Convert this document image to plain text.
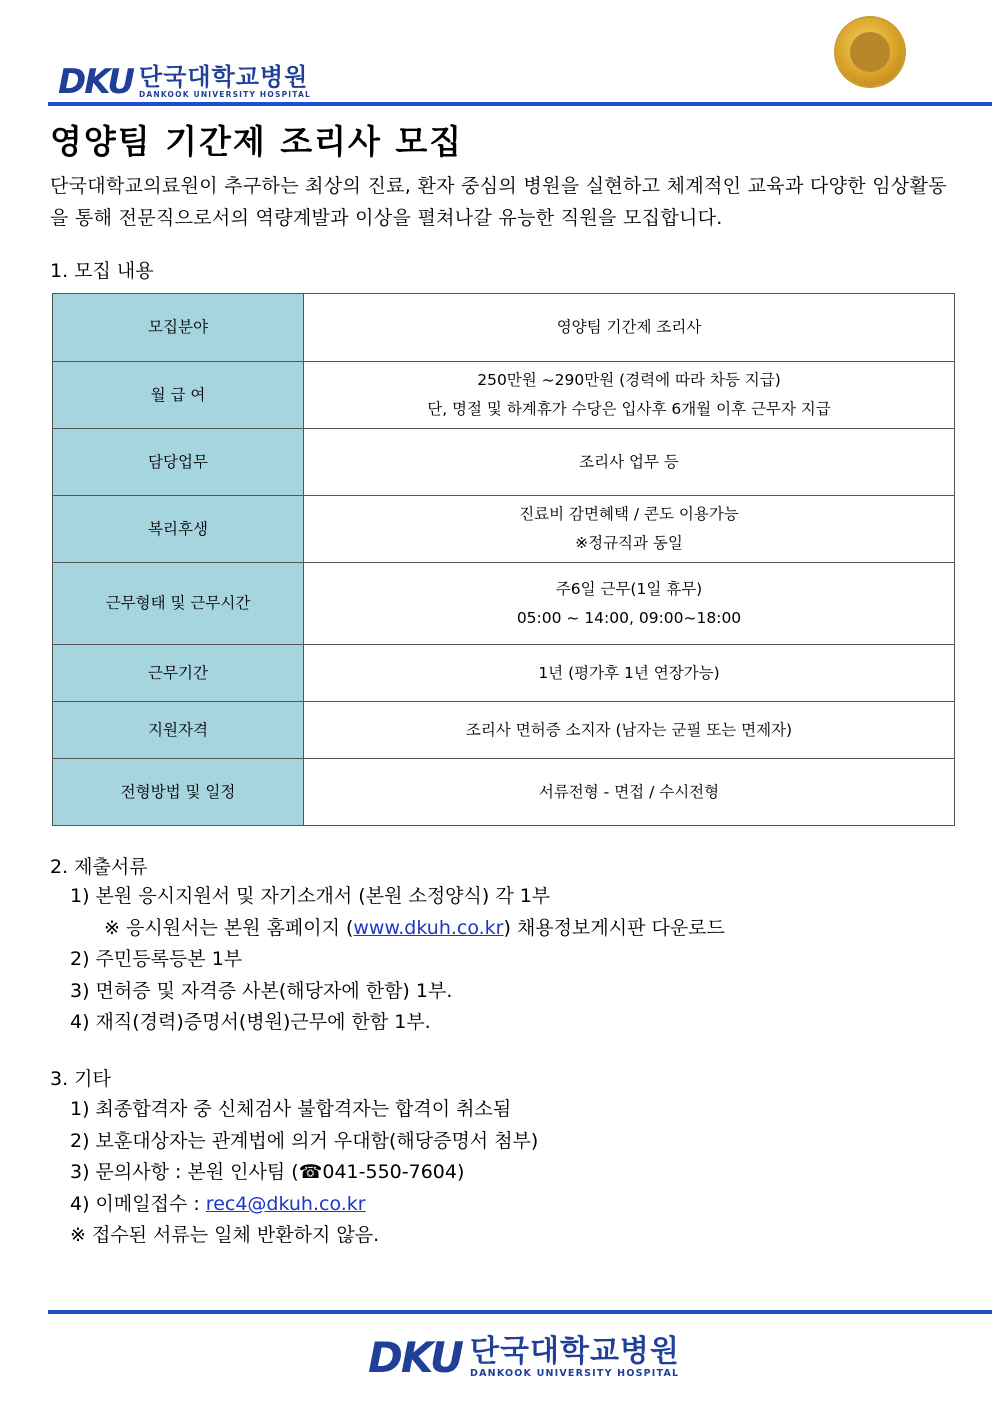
DKU 단국대학교병원
DANKOOK UNIVERSITY HOSPITAL
영양팀 기간제 조리사 모집

단국대학교의료원이 추구하는 최상의 진료, 환자 중심의 병원을 실현하고 체계적인 교육과 다양한 임상활동을 통해 전문직으로서의 역량계발과 이상을 펼쳐나갈 유능한 직원을 모집합니다.

1. 모집 내용

모집분야	영양팀 기간제 조리사

월 급 여	250만원 ~290만원 (경력에 따라 차등 지급)
단, 명절 및 하계휴가 수당은 입사후 6개월 이후 근무자 지급

담당업무	조리사 업무 등

복리후생	진료비 감면혜택 / 콘도 이용가능
※정규직과 동일

근무형태 및 근무시간	주6일 근무(1일 휴무)
05:00 ~ 14:00, 09:00~18:00

근무기간	1년 (평가후 1년 연장가능)

지원자격	조리사 면허증 소지자 (남자는 군필 또는 면제자)

전형방법 및 일정	서류전형 - 면접 / 수시전형

2. 제출서류

1) 본원 응시지원서 및 자기소개서 (본원 소정양식) 각 1부
※ 응시원서는 본원 홈페이지 (www.dkuh.co.kr) 채용정보게시판 다운로드
2) 주민등록등본 1부
3) 면허증 및 자격증 사본(해당자에 한함) 1부.
4) 재직(경력)증명서(병원)근무에 한함 1부.

3. 기타

1) 최종합격자 중 신체검사 불합격자는 합격이 취소됨
2) 보훈대상자는 관계법에 의거 우대함(해당증명서 첨부)
3) 문의사항 : 본원 인사팀 (☎041-550-7604)
4) 이메일접수 : rec4@dkuh.co.kr
※ 접수된 서류는 일체 반환하지 않음.
DKU 단국대학교병원
DANKOOK UNIVERSITY HOSPITAL
